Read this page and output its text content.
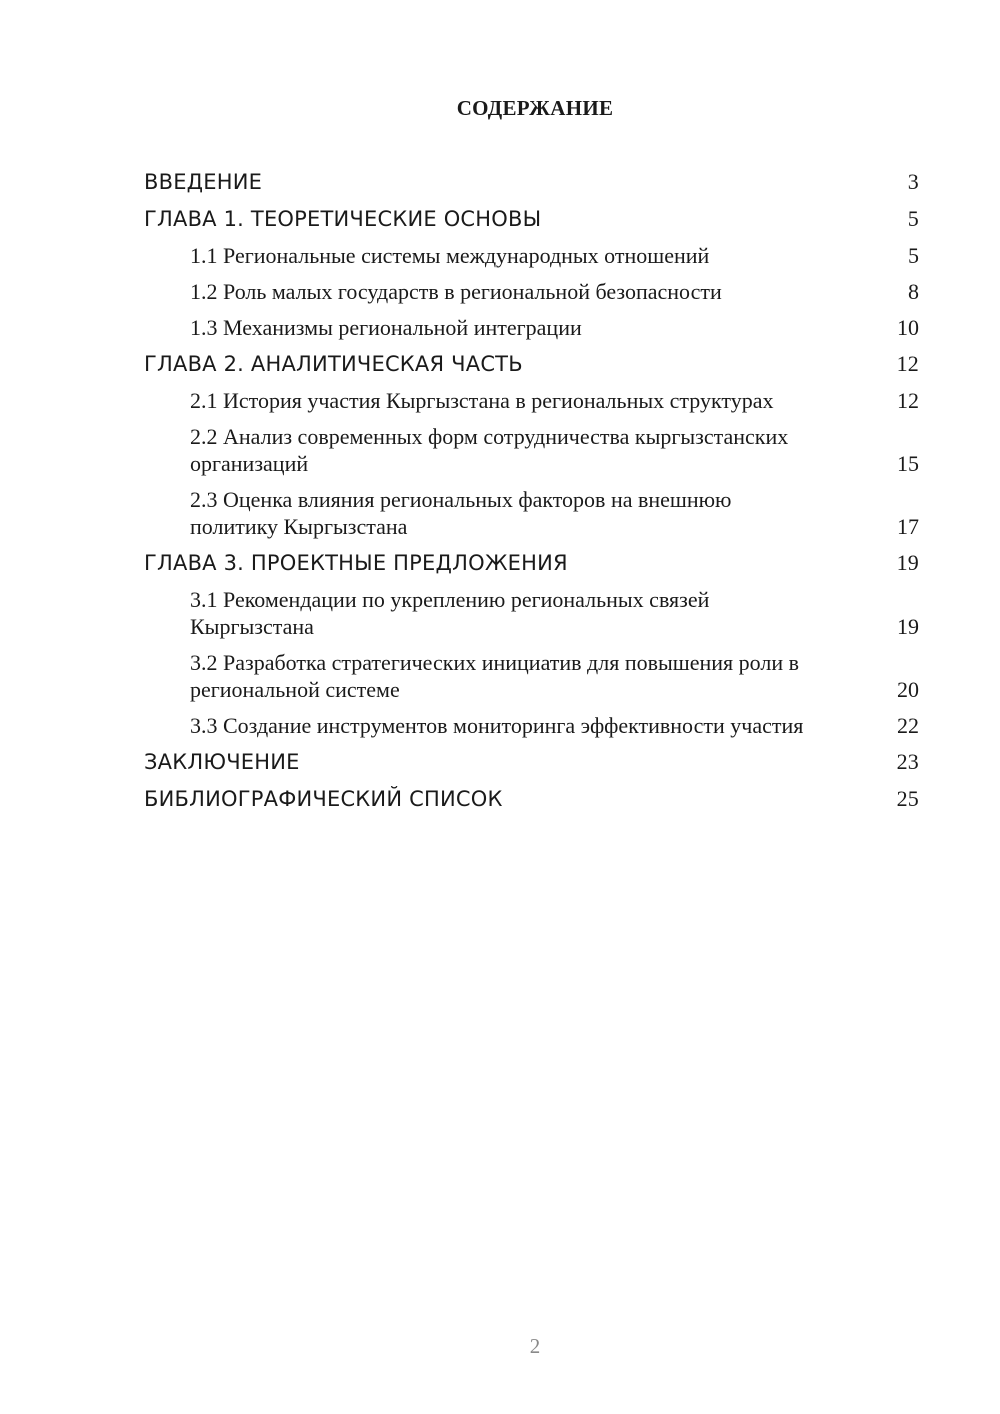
СОДЕРЖАНИЕ
ВВЕДЕНИЕ	3
ГЛАВА 1. ТЕОРЕТИЧЕСКИЕ ОСНОВЫ	5
1.1 Региональные системы международных отношений	5
1.2 Роль малых государств в региональной безопасности	8
1.3 Механизмы региональной интеграции	10
ГЛАВА 2. АНАЛИТИЧЕСКАЯ ЧАСТЬ	12
2.1 История участия Кыргызстана в региональных структурах	12
2.2 Анализ современных форм сотрудничества кыргызстанских организаций	15
2.3 Оценка влияния региональных факторов на внешнюю политику Кыргызстана	17
ГЛАВА 3. ПРОЕКТНЫЕ ПРЕДЛОЖЕНИЯ	19
3.1 Рекомендации по укреплению региональных связей Кыргызстана	19
3.2 Разработка стратегических инициатив для повышения роли в региональной системе	20
3.3 Создание инструментов мониторинга эффективности участия	22
ЗАКЛЮЧЕНИЕ	23
БИБЛИОГРАФИЧЕСКИЙ СПИСОК	25
2
